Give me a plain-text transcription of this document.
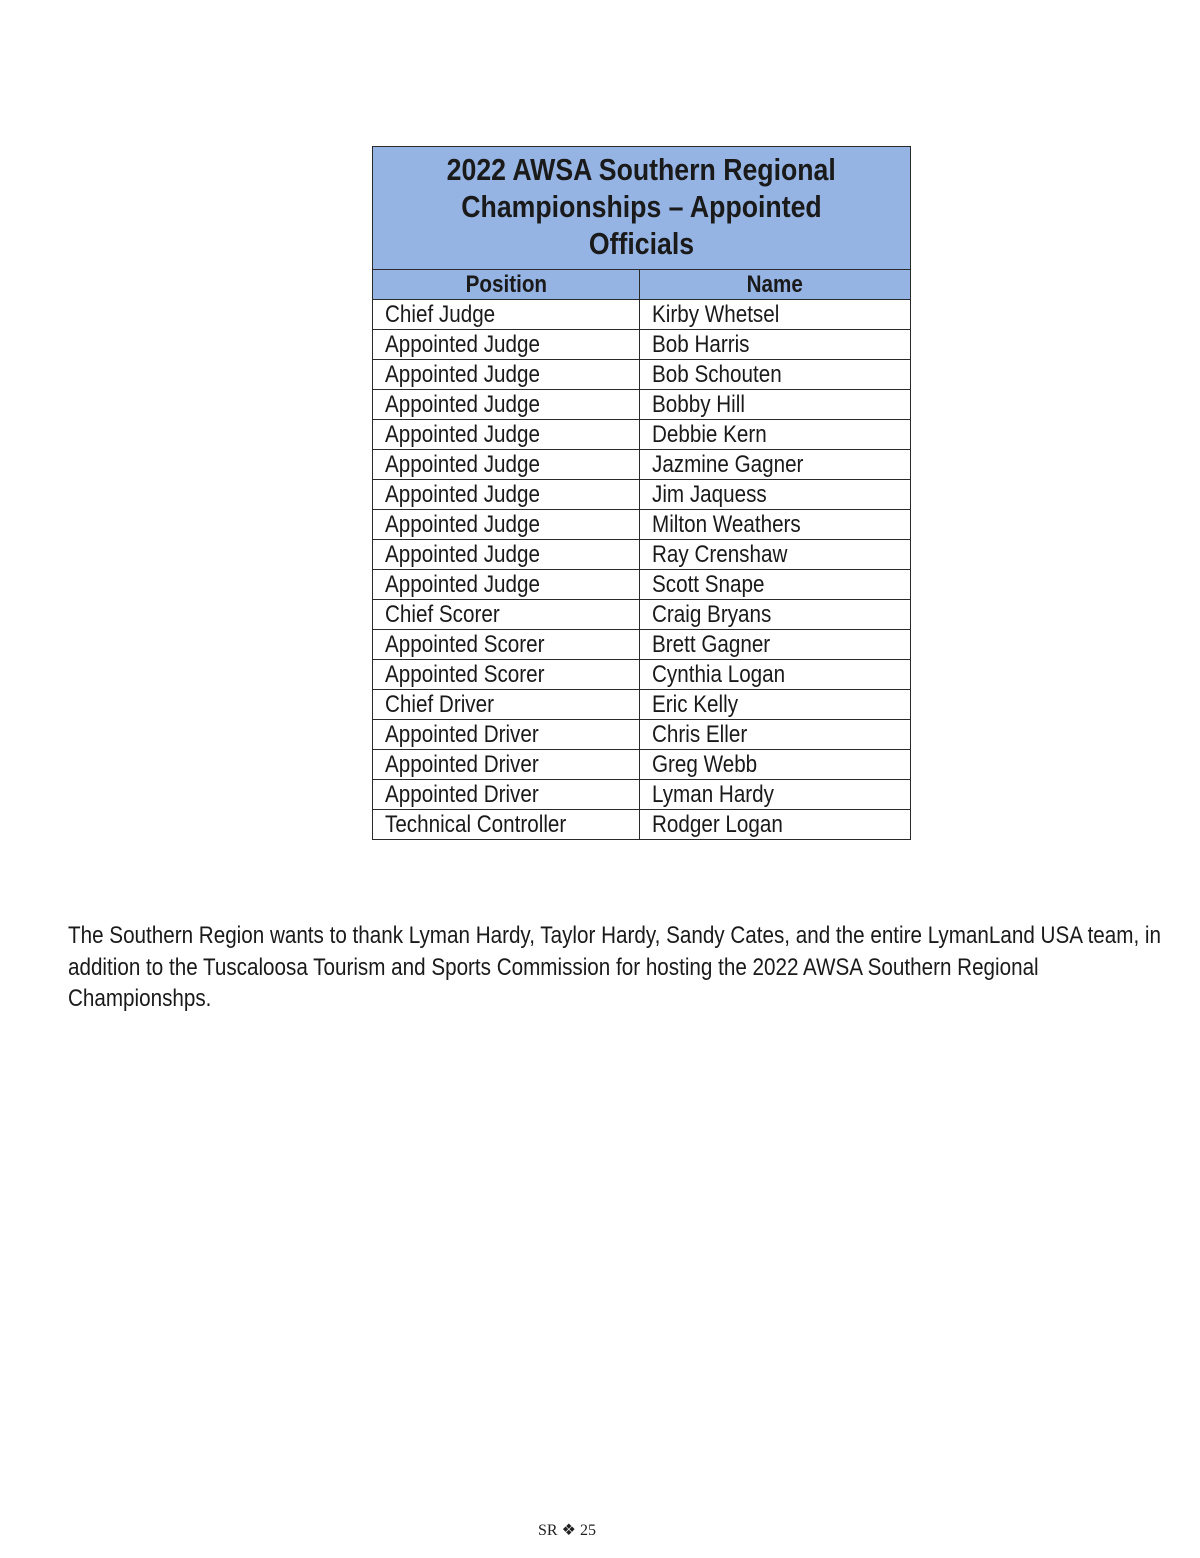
2022 AWSA Southern Regional
Championships – Appointed Officials	
Position	Name
Chief Judge	Kirby Whetsel
Appointed Judge	Bob Harris
Appointed Judge	Bob Schouten
Appointed Judge	Bobby Hill
Appointed Judge	Debbie Kern
Appointed Judge	Jazmine Gagner
Appointed Judge	Jim Jaquess
Appointed Judge	Milton Weathers
Appointed Judge	Ray Crenshaw
Appointed Judge	Scott Snape
Chief Scorer	Craig Bryans
Appointed Scorer	Brett Gagner
Appointed Scorer	Cynthia Logan
Chief Driver	Eric Kelly
Appointed Driver	Chris Eller
Appointed Driver	Greg Webb
Appointed Driver	Lyman Hardy
Technical Controller	Rodger Logan

The Southern Region wants to thank Lyman Hardy, Taylor Hardy, Sandy Cates, and the entire LymanLand USA team, in addition to the Tuscaloosa Tourism and Sports Commission for hosting the 2022 AWSA Southern Regional Championshps.

SR ❖ 25
